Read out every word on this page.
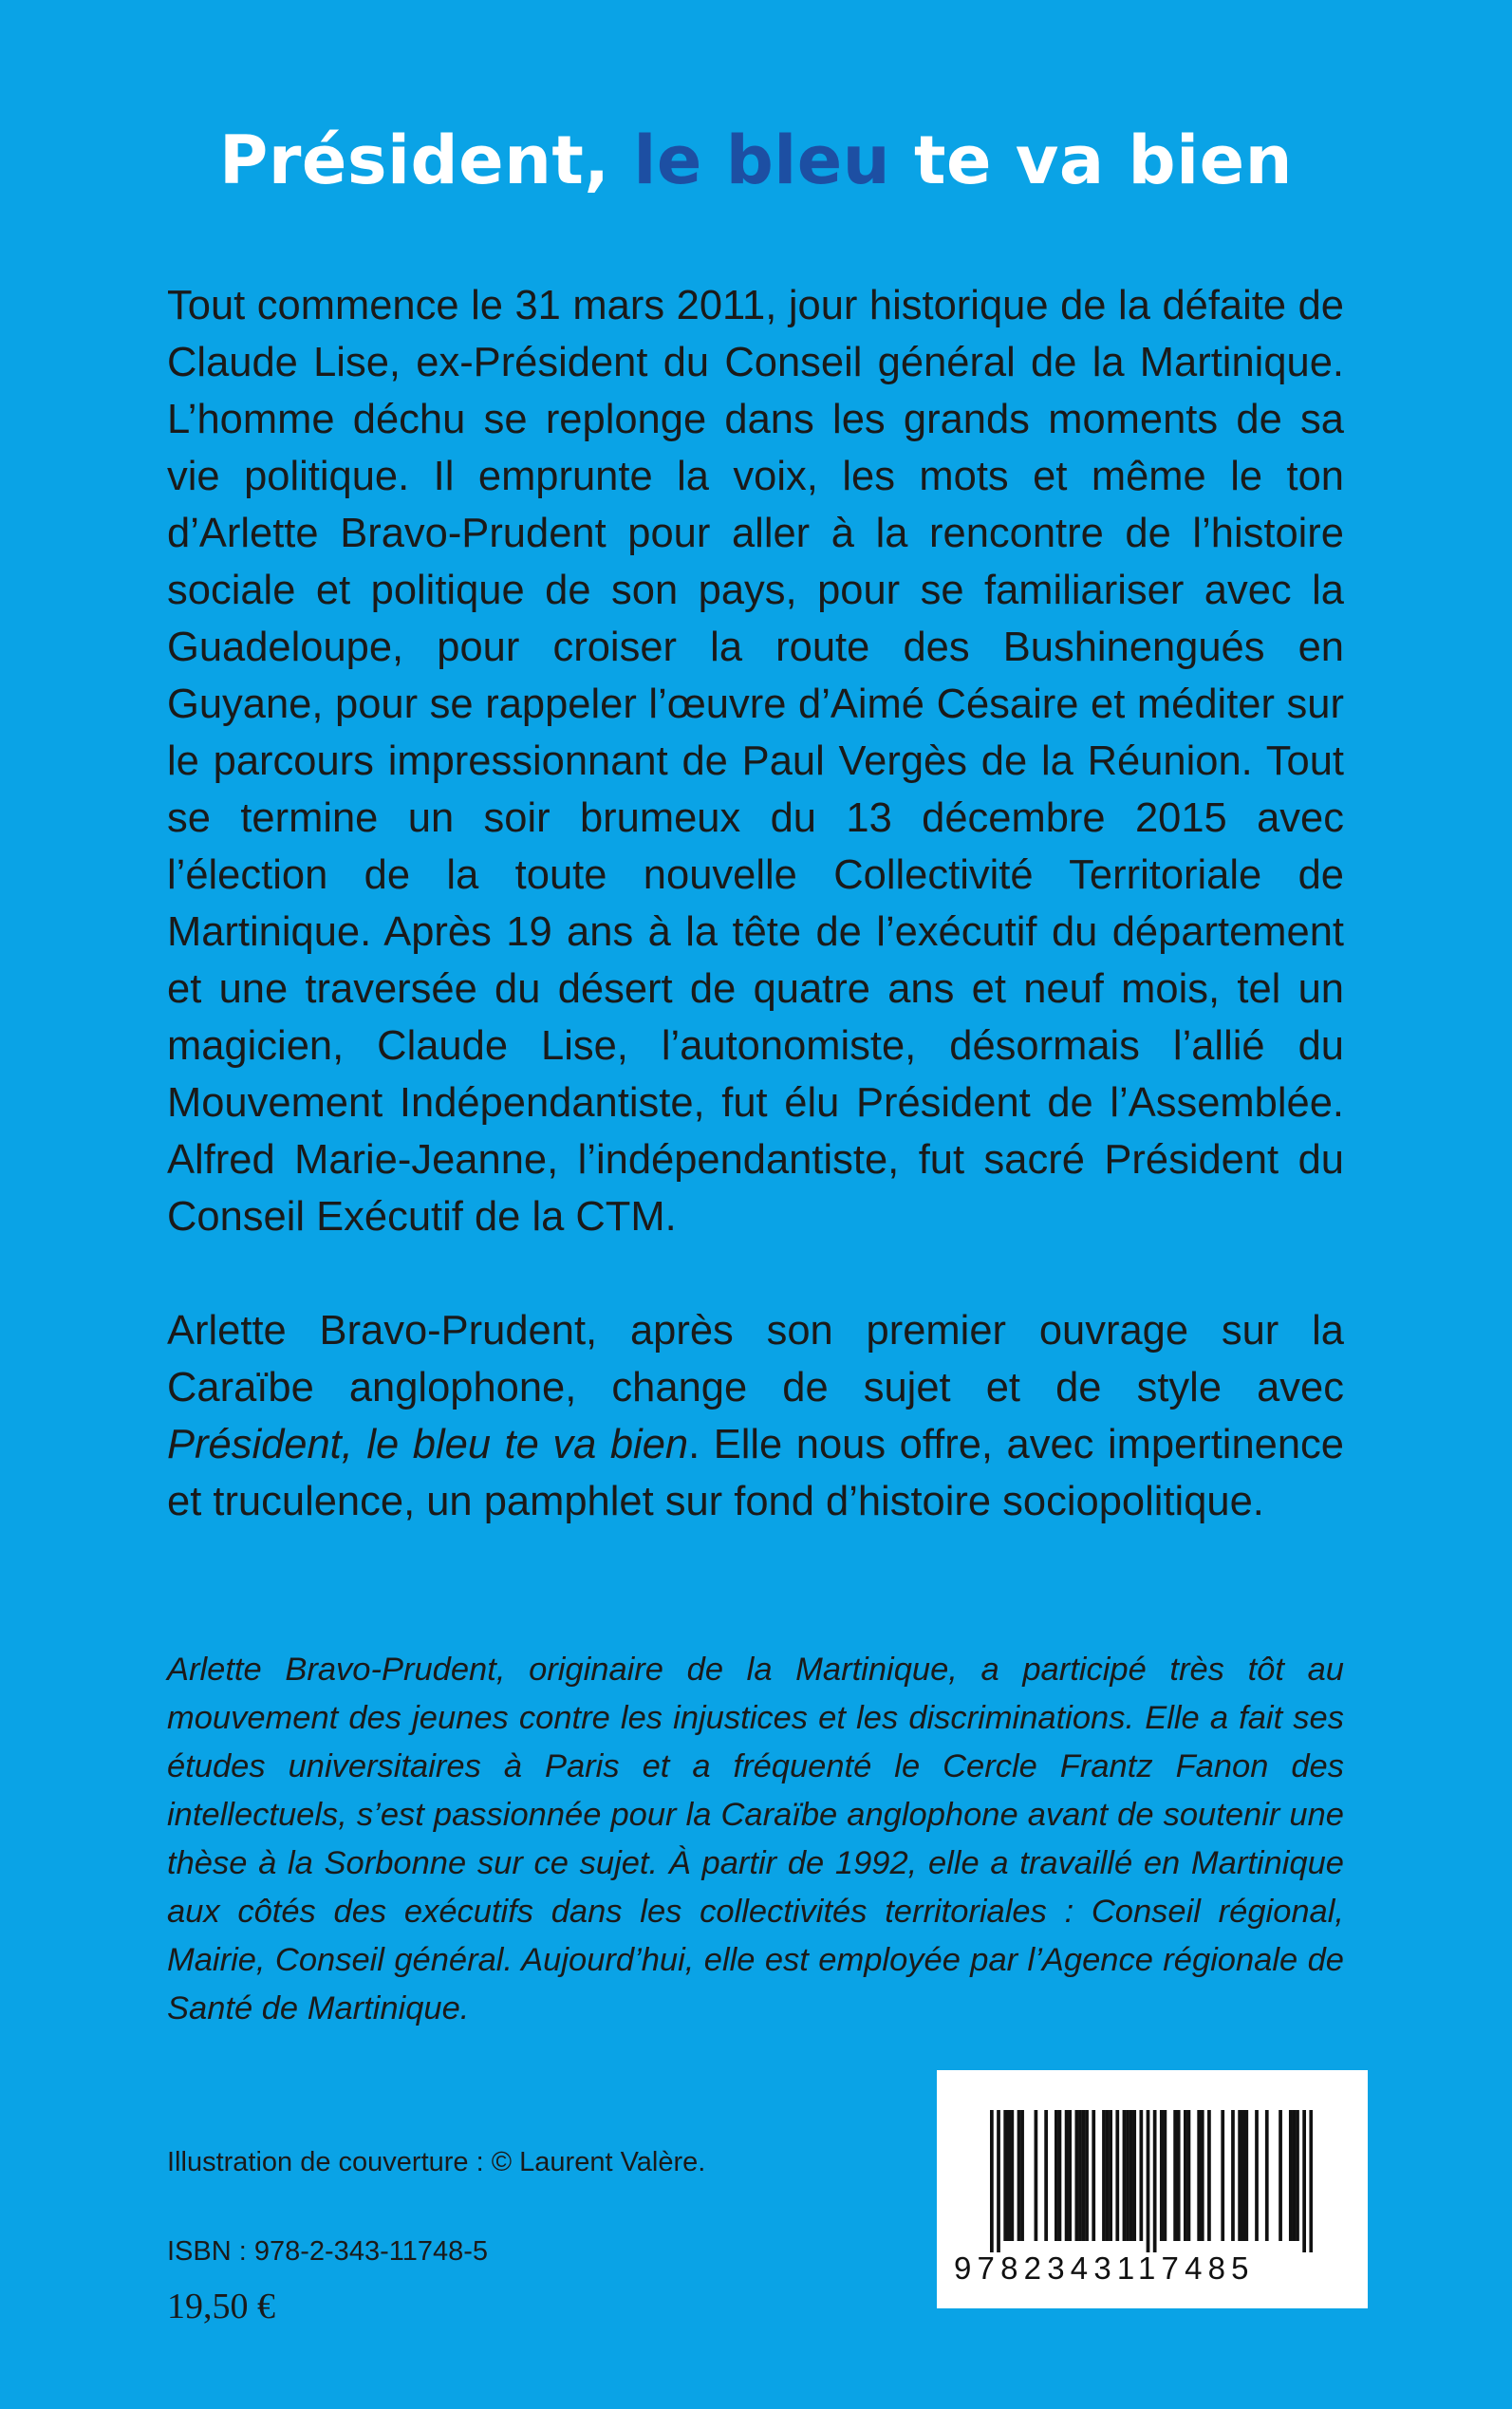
Président, le bleu te va bien

Tout commence le 31 mars 2011, jour historique de la défaite de Claude Lise, ex-Président du Conseil général de la Martinique. L’homme déchu se replonge dans les grands moments de sa vie politique. Il emprunte la voix, les mots et même le ton d’Arlette Bravo-Prudent pour aller à la rencontre de l’histoire sociale et politique de son pays, pour se familiariser avec la Guadeloupe, pour croiser la route des Bushinengués en Guyane, pour se rappeler l’œuvre d’Aimé Césaire et méditer sur le parcours impressionnant de Paul Vergès de la Réunion. Tout se termine un soir brumeux du 13 décembre 2015 avec l’élection de la toute nouvelle Collectivité Territoriale de Martinique. Après 19 ans à la tête de l’exécutif du département et une traversée du désert de quatre ans et neuf mois, tel un magicien, Claude Lise, l’autonomiste, désormais l’allié du Mouvement Indépendantiste, fut élu Président de l’Assemblée. Alfred Marie-Jeanne, l’indépendantiste, fut sacré Président du Conseil Exécutif de la CTM.

Arlette Bravo-Prudent, après son premier ouvrage sur la Caraïbe anglophone, change de sujet et de style avec Président, le bleu te va bien. Elle nous offre, avec impertinence et truculence, un pamphlet sur fond d’histoire sociopolitique.

Arlette Bravo-Prudent, originaire de la Martinique, a participé très tôt au mouvement des jeunes contre les injustices et les discriminations. Elle a fait ses études universitaires à Paris et a fréquenté le Cercle Frantz Fanon des intellectuels, s’est passionnée pour la Caraïbe anglophone avant de soutenir une thèse à la Sorbonne sur ce sujet. À partir de 1992, elle a travaillé en Martinique aux côtés des exécutifs dans les collectivités territoriales : Conseil régional, Mairie, Conseil général. Aujourd’hui, elle est employée par l’Agence régionale de Santé de Martinique.

Illustration de couverture : © Laurent Valère.

ISBN : 978-2-343-11748-5

19,50 €

9782343117485
